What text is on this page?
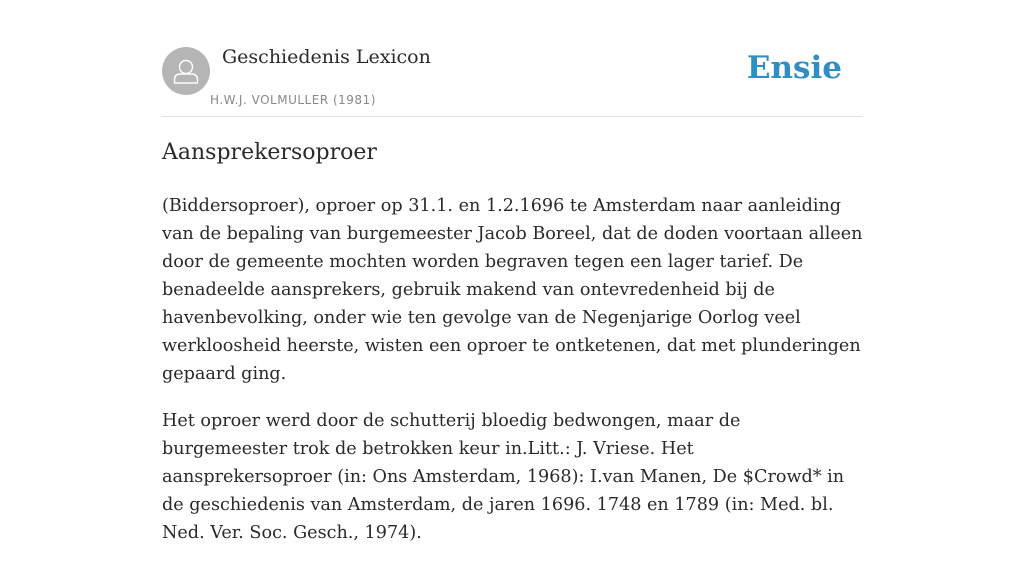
Geschiedenis Lexicon
H.W.J. VOLMULLER (1981)
Ensie
Aansprekersoproer

(Biddersoproer), oproer op 31.1. en 1.2.1696 te Amsterdam naar aanleiding van de bepaling van burgemeester Jacob Boreel, dat de doden voortaan alleen door de gemeente mochten worden begraven tegen een lager tarief. De benadeelde aansprekers, gebruik makend van ontevredenheid bij de havenbevolking, onder wie ten gevolge van de Negenjarige Oorlog veel werkloosheid heerste, wisten een oproer te ontketenen, dat met plunderingen gepaard ging.

Het oproer werd door de schutterij bloedig bedwongen, maar de burgemeester trok de betrokken keur in.Litt.: J. Vriese. Het aansprekersoproer (in: Ons Amsterdam, 1968): I.van Manen, De $Crowd* in de geschiedenis van Amsterdam, de jaren 1696. 1748 en 1789 (in: Med. bl. Ned. Ver. Soc. Gesch., 1974).
